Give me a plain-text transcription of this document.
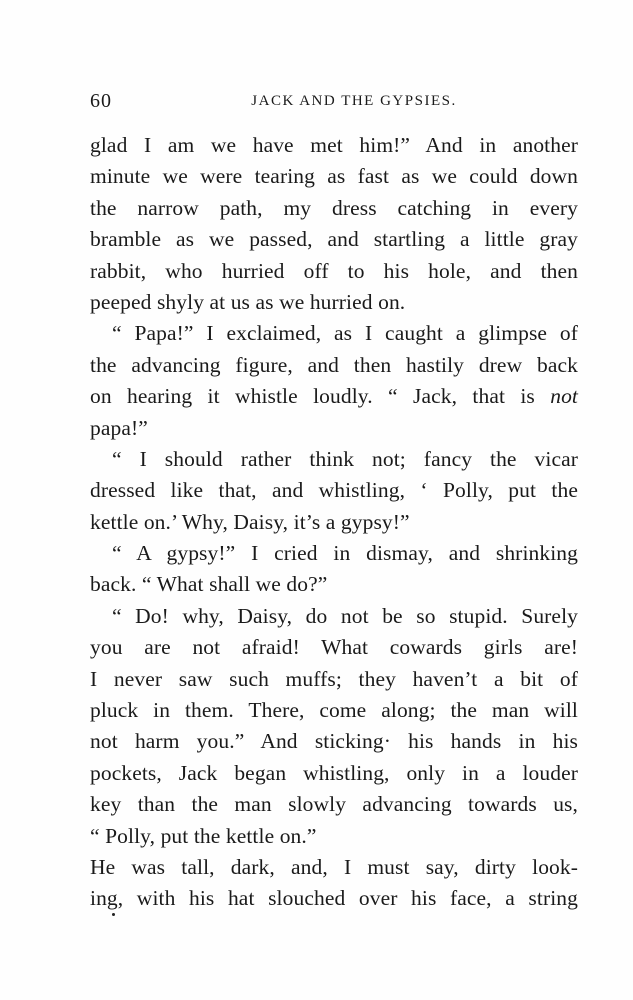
60	JACK AND THE GYPSIES.
glad I am we have met him!” And in another
minute we were tearing as fast as we could down
the narrow path, my dress catching in every
bramble as we passed, and startling a little gray
rabbit, who hurried off to his hole, and then
peeped shyly at us as we hurried on.
“ Papa!” I exclaimed, as I caught a glimpse of
the advancing figure, and then hastily drew back
on hearing it whistle loudly. “ Jack, that is not
papa!”
“ I should rather think not; fancy the vicar
dressed like that, and whistling, ‘ Polly, put the
kettle on.’ Why, Daisy, it’s a gypsy!”
“ A gypsy!” I cried in dismay, and shrinking
back. “ What shall we do?”
“ Do! why, Daisy, do not be so stupid. Surely
you are not afraid! What cowards girls are!
I never saw such muffs; they haven’t a bit of
pluck in them. There, come along; the man will
not harm you.” And sticking· his hands in his
pockets, Jack began whistling, only in a louder
key than the man slowly advancing towards us,
“ Polly, put the kettle on.”
He was tall, dark, and, I must say, dirty look-
ing, with his hat slouched over his face, a string
